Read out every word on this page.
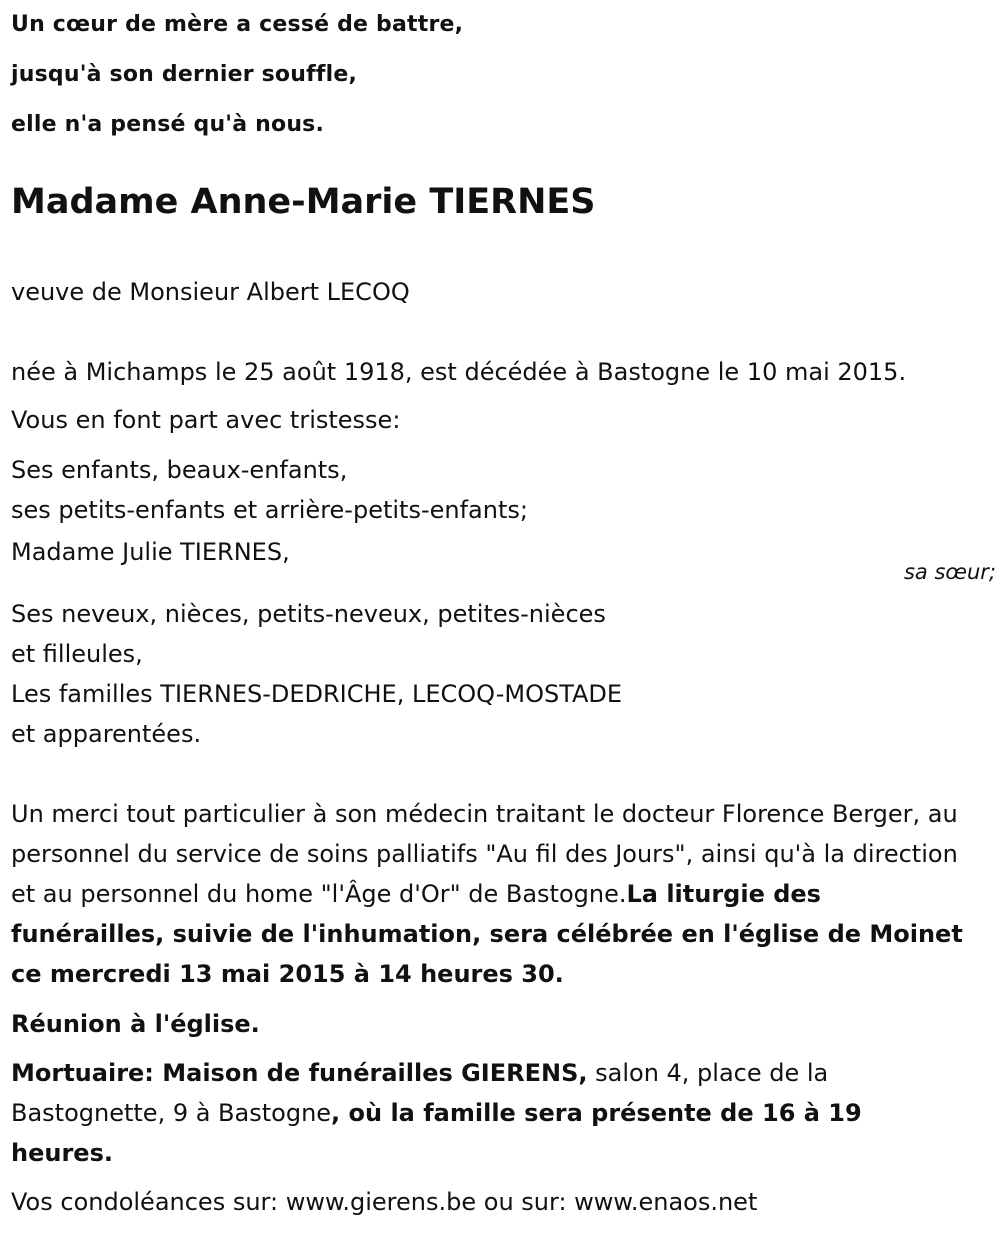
Un cœur de mère a cessé de battre,
jusqu'à son dernier souffle,
elle n'a pensé qu'à nous.
Madame Anne-Marie TIERNES
veuve de Monsieur Albert LECOQ
née à Michamps le 25 août 1918, est décédée à Bastogne le 10 mai 2015.
Vous en font part avec tristesse:
Ses enfants, beaux-enfants,
ses petits-enfants et arrière-petits-enfants;
Madame Julie TIERNES,
sa sœur;
Ses neveux, nièces, petits-neveux, petites-nièces
et filleules,
Les familles TIERNES-DEDRICHE, LECOQ-MOSTADE
et apparentées.
Un merci tout particulier à son médecin traitant le docteur Florence Berger, au personnel du service de soins palliatifs "Au fil des Jours", ainsi qu'à la direction et au personnel du home "l'Âge d'Or" de Bastogne.La liturgie des funérailles, suivie de l'inhumation, sera célébrée en l'église de Moinet ce mercredi 13 mai 2015 à 14 heures 30.
Réunion à l'église.
Mortuaire: Maison de funérailles GIERENS, salon 4, place de la Bastognette, 9 à Bastogne, où la famille sera présente de 16 à 19 heures.
Vos condoléances sur: www.gierens.be ou sur: www.enaos.net
